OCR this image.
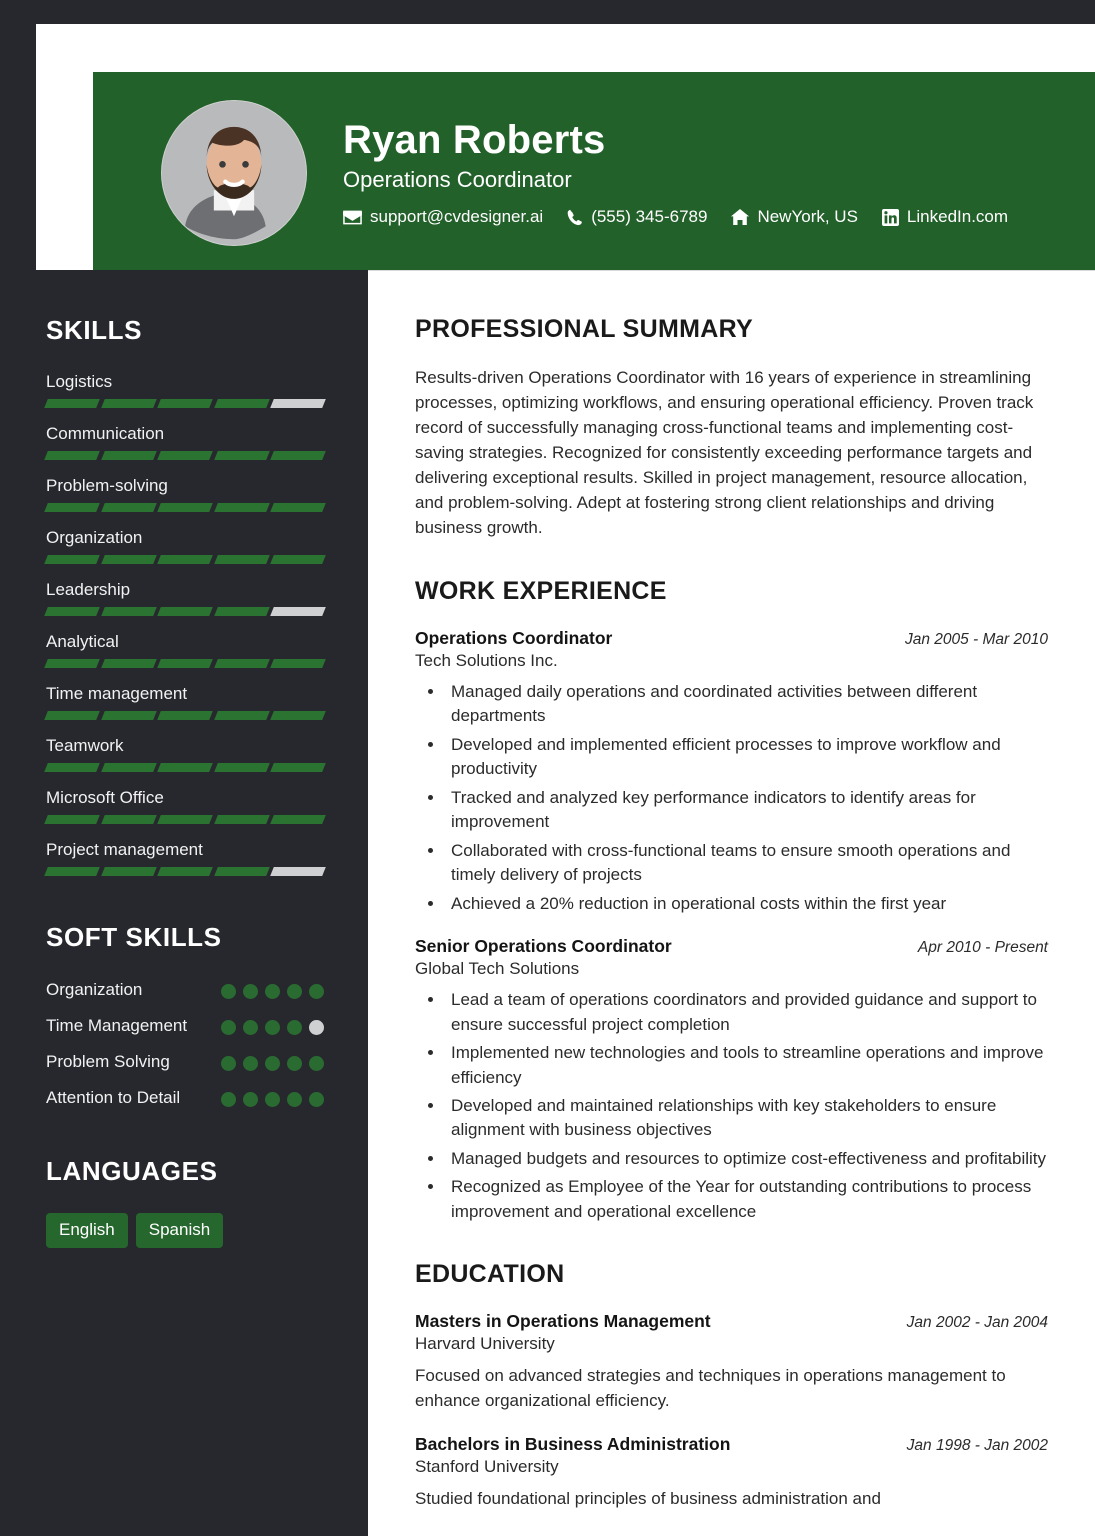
Ryan Roberts
Operations Coordinator
support@cvdesigner.ai	(555) 345-6789	NewYork, US	LinkedIn.com
SKILLS
Logistics
Communication
Problem-solving
Organization
Leadership
Analytical
Time management
Teamwork
Microsoft Office
Project management
SOFT SKILLS
Organization
Time Management
Problem Solving
Attention to Detail
LANGUAGES
English	Spanish
PROFESSIONAL SUMMARY
Results-driven Operations Coordinator with 16 years of experience in streamlining processes, optimizing workflows, and ensuring operational efficiency. Proven track record of successfully managing cross-functional teams and implementing cost-saving strategies. Recognized for consistently exceeding performance targets and delivering exceptional results. Skilled in project management, resource allocation, and problem-solving. Adept at fostering strong client relationships and driving business growth.
WORK EXPERIENCE
Operations Coordinator	Jan 2005 - Mar 2010
Tech Solutions Inc.
• Managed daily operations and coordinated activities between different departments
• Developed and implemented efficient processes to improve workflow and productivity
• Tracked and analyzed key performance indicators to identify areas for improvement
• Collaborated with cross-functional teams to ensure smooth operations and timely delivery of projects
• Achieved a 20% reduction in operational costs within the first year
Senior Operations Coordinator	Apr 2010 - Present
Global Tech Solutions
• Lead a team of operations coordinators and provided guidance and support to ensure successful project completion
• Implemented new technologies and tools to streamline operations and improve efficiency
• Developed and maintained relationships with key stakeholders to ensure alignment with business objectives
• Managed budgets and resources to optimize cost-effectiveness and profitability
• Recognized as Employee of the Year for outstanding contributions to process improvement and operational excellence
EDUCATION
Masters in Operations Management	Jan 2002 - Jan 2004
Harvard University
Focused on advanced strategies and techniques in operations management to enhance organizational efficiency.
Bachelors in Business Administration	Jan 1998 - Jan 2002
Stanford University
Studied foundational principles of business administration and
